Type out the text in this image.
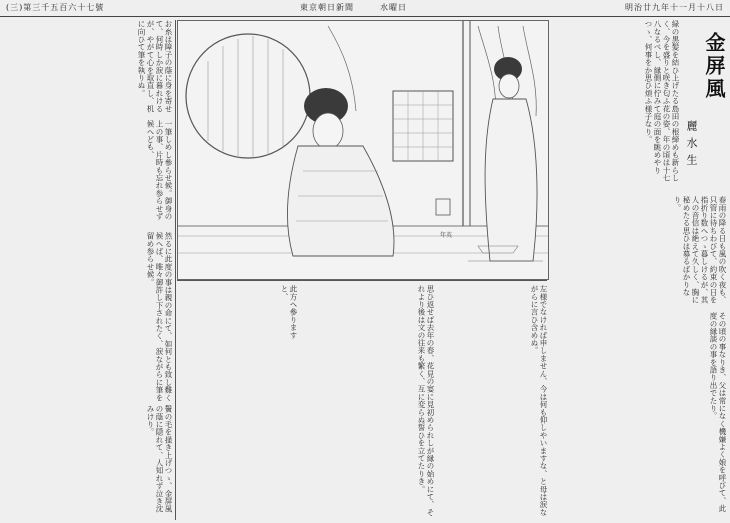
明治廿九年十一月十八日
水曜日
東京朝日新聞
(三)第三千五百六十七號
金屏風
麗水生
緑の黒髪を結ひ上げたる島田の根締めも新らしく、今を盛りと咲き匂ふ花の姿、年の頃は十七八なるべし、縁側に佇みて庭の面を眺めやりつゝ、何事をか思ひ煩ふ様子なり。
春雨の降る日も風の吹く夜も、只管に待ちわびて、約束の日を指折り数へつゝ暮しけるが、其人の音信は絶えて久しく、胸に秘めたる思ひは募るばかりなり。
その頃の事なりき、父は常になく機嫌よく娘を呼びて、此度の縁談の事を語り出でたり。
年英
左様でなければ申しません、今は何も仰しやいますな、と母は涙ながらに言ひ含めぬ。
思ひ返せば去年の春、花見の宴に見初められしが縁の始めにて、それより後は文の往来も繁く、互に変らぬ誓ひを立てたりき。
此方へ參りますと、
お糸は障子の蔭に身を寄せて、何時しか涙に暮れけるが、やがて心を取直し、机に向ひて筆を執りぬ。
一筆しめし參らせ候。御身の上の事、片時も忘れ参らせず候へども、
然るに此度の事は親の命にて、如何とも致し難く候へば、唯々御許し下されたく、涙ながらに筆を留め参らせ候。
鬢の毛を掻き上げつゝ、金屏風の蔭に隠れて、人知れず泣き沈みけり。
